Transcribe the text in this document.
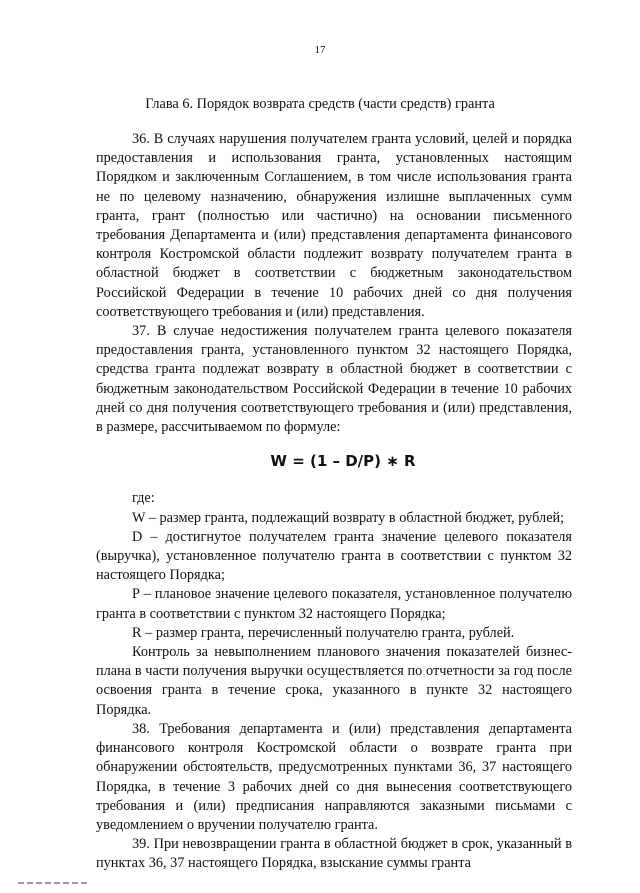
17
Глава 6. Порядок возврата средств (части средств) гранта

36. В случаях нарушения получателем гранта условий, целей и порядка предоставления и использования гранта, установленных настоящим Порядком и заключенным Соглашением, в том числе использования гранта не по целевому назначению, обнаружения излишне выплаченных сумм гранта, грант (полностью или частично) на основании письменного требования Департамента и (или) представления департамента финансового контроля Костромской области подлежит возврату получателем гранта в областной бюджет в соответствии с бюджетным законодательством Российской Федерации в течение 10 рабочих дней со дня получения соответствующего требования и (или) представления.

37. В случае недостижения получателем гранта целевого показателя предоставления гранта, установленного пунктом 32 настоящего Порядка, средства гранта подлежат возврату в областной бюджет в соответствии с бюджетным законодательством Российской Федерации в течение 10 рабочих дней со дня получения соответствующего требования и (или) представления, в размере, рассчитываемом по формуле:

W = (1 – D/P) ∗ R

где:

W – размер гранта, подлежащий возврату в областной бюджет, рублей;

D – достигнутое получателем гранта значение целевого показателя (выручка), установленное получателю гранта в соответствии с пунктом 32 настоящего Порядка;

P – плановое значение целевого показателя, установленное получателю гранта в соответствии с пунктом 32 настоящего Порядка;

R – размер гранта, перечисленный получателю гранта, рублей.

Контроль за невыполнением планового значения показателей бизнес-плана в части получения выручки осуществляется по отчетности за год после освоения гранта в течение срока, указанного в пункте 32 настоящего Порядка.

38. Требования департамента и (или) представления департамента финансового контроля Костромской области о возврате гранта при обнаружении обстоятельств, предусмотренных пунктами 36, 37 настоящего Порядка, в течение 3 рабочих дней со дня вынесения соответствующего требования и (или) предписания направляются заказными письмами с уведомлением о вручении получателю гранта.

39. При невозвращении гранта в областной бюджет в срок, указанный в пунктах 36, 37 настоящего Порядка, взыскание суммы гранта
